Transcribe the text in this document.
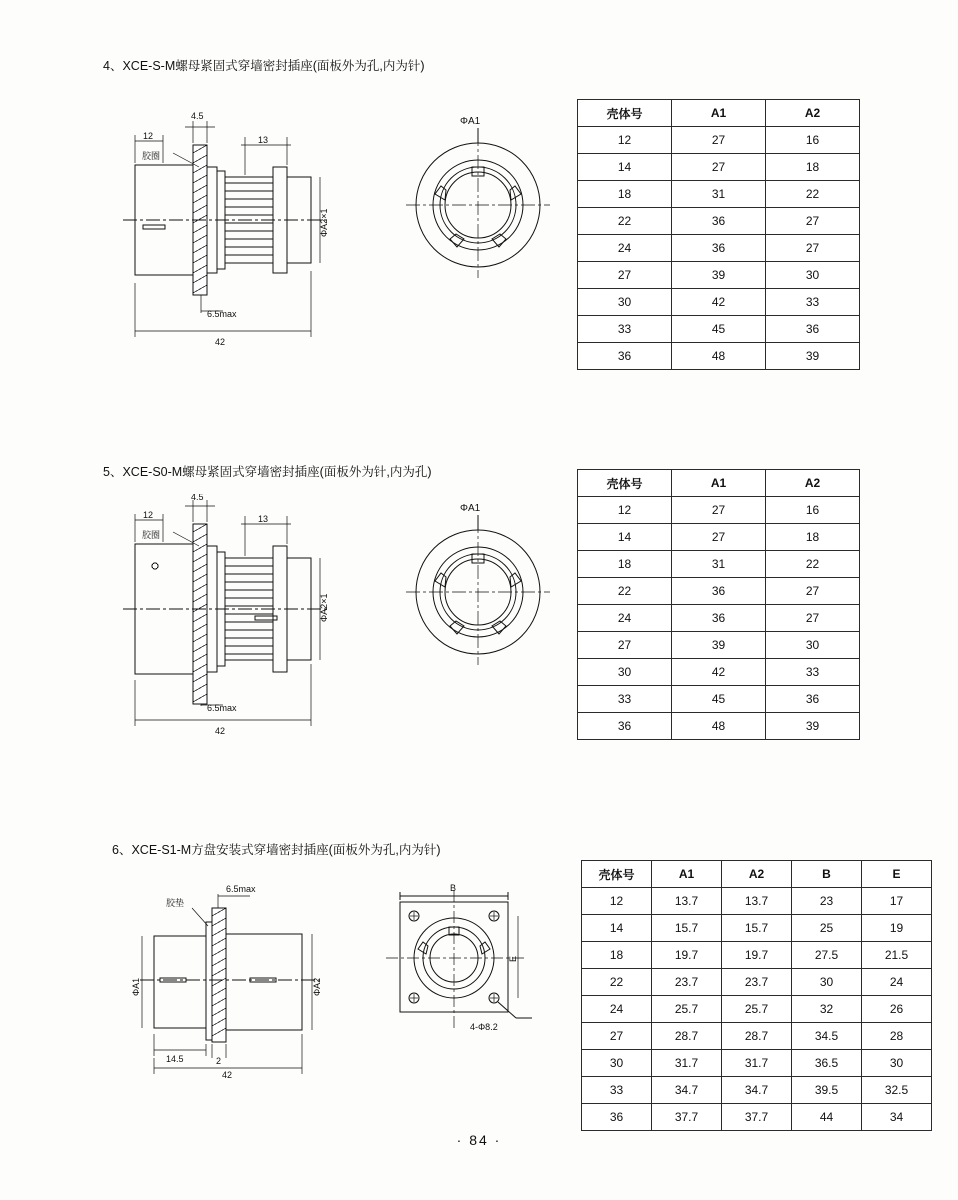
4、XCE-S-M螺母紧固式穿墙密封插座(面板外为孔,内为针)
12
4.5
13
42
6.5max
胶圈
ΦA2×1
ΦA1
壳体号	A1	A2
12	27	16
14	27	18
18	31	22
22	36	27
24	36	27
27	39	30
30	42	33
33	45	36
36	48	39
5、XCE-S0-M螺母紧固式穿墙密封插座(面板外为针,内为孔)
12
4.5
13
42
6.5max
胶圈
ΦA2×1
ΦA1
壳体号	A1	A2
12	27	16
14	27	18
18	31	22
22	36	27
24	36	27
27	39	30
30	42	33
33	45	36
36	48	39
6、XCE-S1-M方盘安装式穿墙密封插座(面板外为孔,内为针)
6.5max
胶垫
ΦA1	ΦA2
14.5	2
42
B
E
4-Φ8.2
壳体号	A1	A2	B	E
12	13.7	13.7	23	17
14	15.7	15.7	25	19
18	19.7	19.7	27.5	21.5
22	23.7	23.7	30	24
24	25.7	25.7	32	26
27	28.7	28.7	34.5	28
30	31.7	31.7	36.5	30
33	34.7	34.7	39.5	32.5
36	37.7	37.7	44	34
· 84 ·
